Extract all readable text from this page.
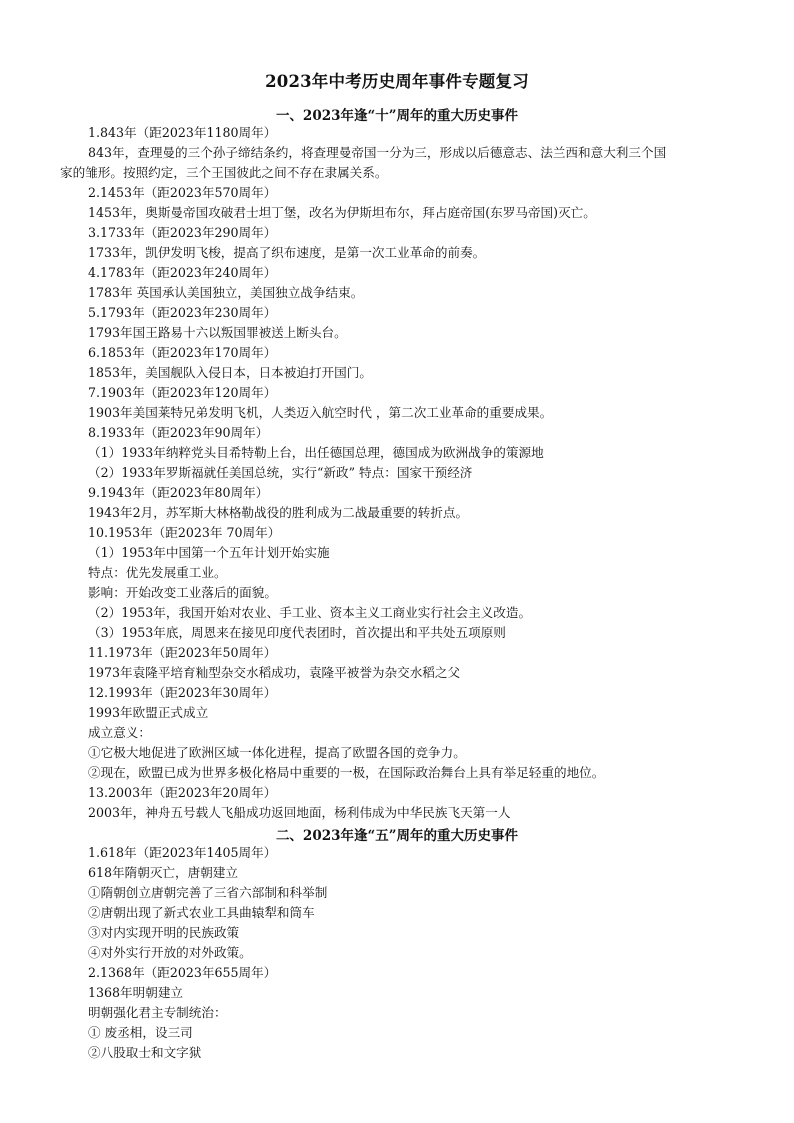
2023年中考历史周年事件专题复习
一、2023年逢“十”周年的重大历史事件
1.843年（距2023年1180周年）
843年，查理曼的三个孙子缔结条约，将查理曼帝国一分为三，形成以后德意志、法兰西和意大利三个国
家的雏形。按照约定，三个王国彼此之间不存在隶属关系。
2.1453年（距2023年570周年）
1453年，奥斯曼帝国攻破君士坦丁堡，改名为伊斯坦布尔，拜占庭帝国(东罗马帝国)灭亡。
3.1733年（距2023年290周年）
1733年，凯伊发明飞梭，提高了织布速度，是第一次工业革命的前奏。
4.1783年（距2023年240周年）
1783年 英国承认美国独立，美国独立战争结束。
5.1793年（距2023年230周年）
1793年国王路易十六以叛国罪被送上断头台。
6.1853年（距2023年170周年）
1853年，美国舰队入侵日本，日本被迫打开国门。
7.1903年（距2023年120周年）
1903年美国莱特兄弟发明飞机，人类迈入航空时代 ，第二次工业革命的重要成果。
8.1933年（距2023年90周年）
（1）1933年纳粹党头目希特勒上台，出任德国总理，德国成为欧洲战争的策源地
（2）1933年罗斯福就任美国总统，实行“新政” 特点：国家干预经济
9.1943年（距2023年80周年）
1943年2月，苏军斯大林格勒战役的胜利成为二战最重要的转折点。
10.1953年（距2023年 70周年）
（1）1953年中国第一个五年计划开始实施
特点：优先发展重工业。
影响：开始改变工业落后的面貌。
（2）1953年，我国开始对农业、手工业、资本主义工商业实行社会主义改造。
（3）1953年底，周恩来在接见印度代表团时，首次提出和平共处五项原则
11.1973年（距2023年50周年）
1973年袁隆平培育籼型杂交水稻成功，袁隆平被誉为杂交水稻之父
12.1993年（距2023年30周年）
1993年欧盟正式成立
成立意义：
①它极大地促进了欧洲区域一体化进程，提高了欧盟各国的竞争力。
②现在，欧盟已成为世界多极化格局中重要的一极，在国际政治舞台上具有举足轻重的地位。
13.2003年（距2023年20周年）
2003年，神舟五号载人飞船成功返回地面，杨利伟成为中华民族飞天第一人
二、2023年逢“五”周年的重大历史事件
1.618年（距2023年1405周年）
618年隋朝灭亡，唐朝建立
①隋朝创立唐朝完善了三省六部制和科举制
②唐朝出现了新式农业工具曲辕犁和筒车
③对内实现开明的民族政策
④对外实行开放的对外政策。
2.1368年（距2023年655周年）
1368年明朝建立
明朝强化君主专制统治：
① 废丞相，设三司
②八股取士和文字狱
